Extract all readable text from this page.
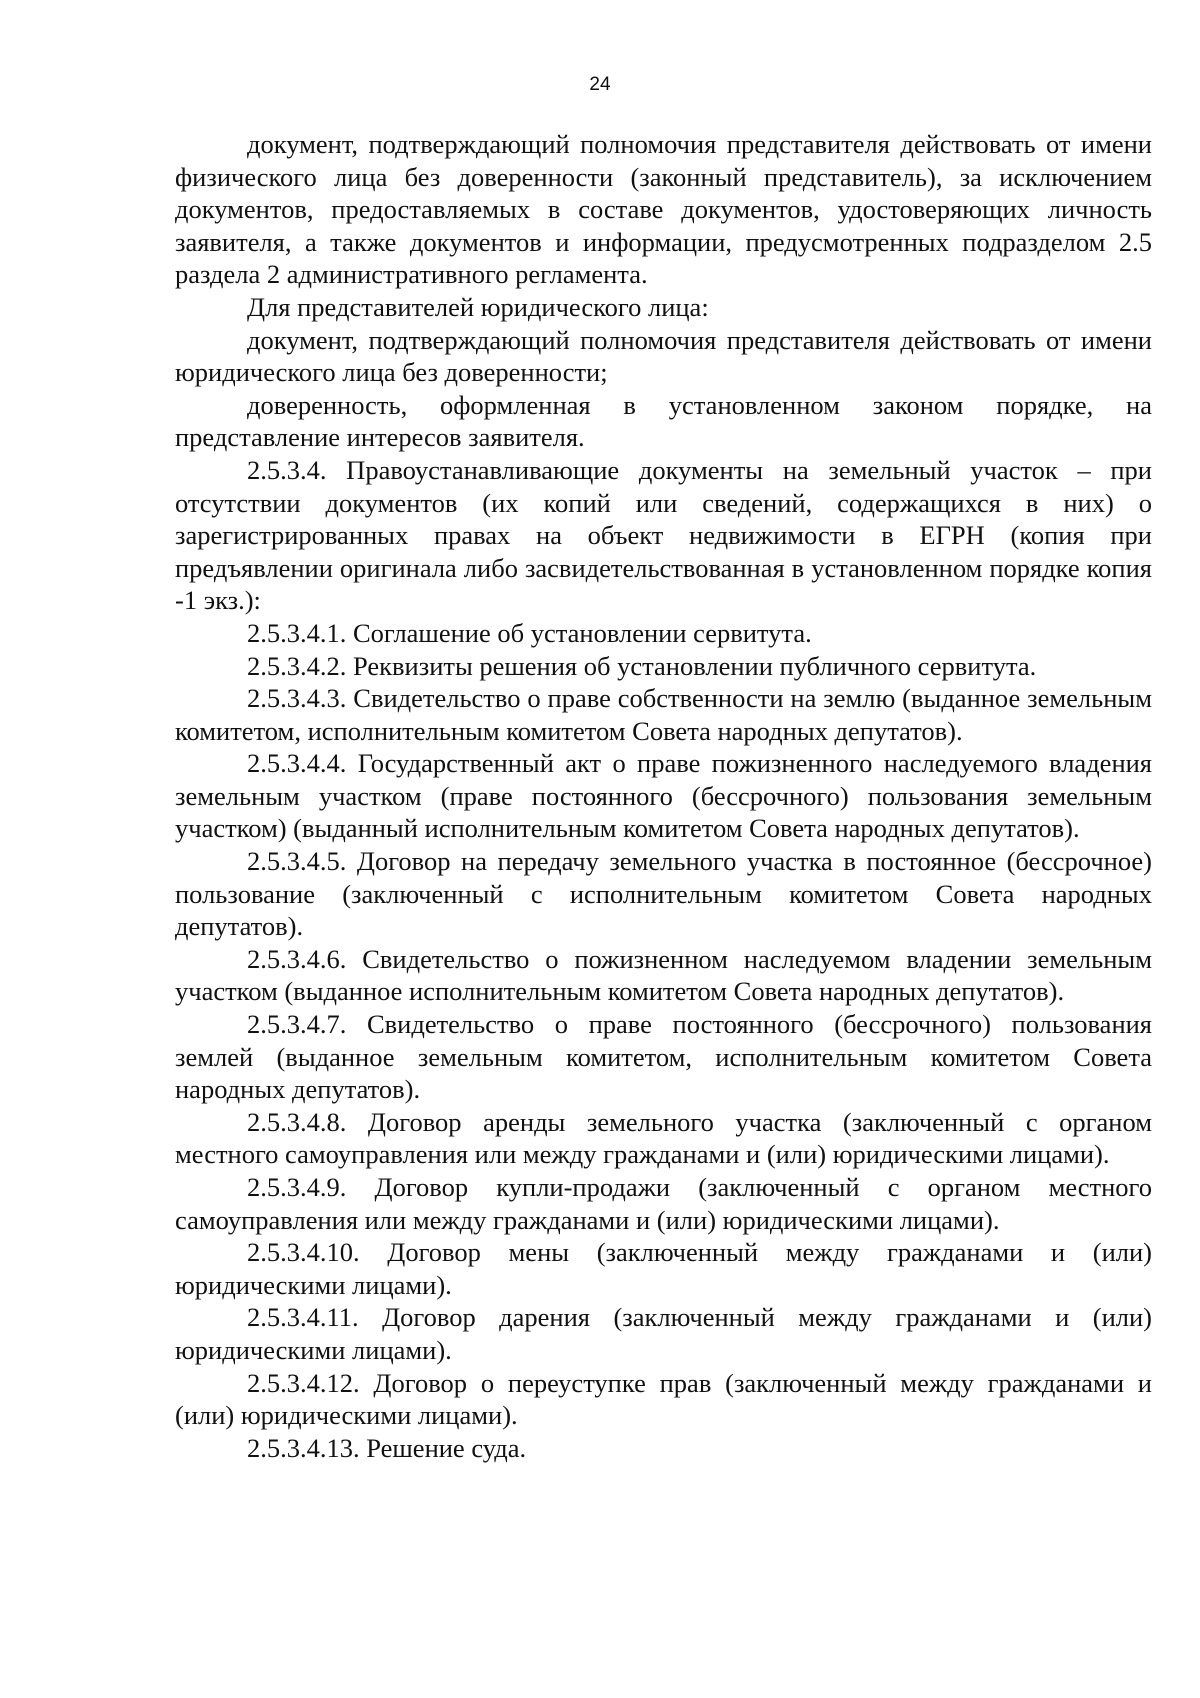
24

документ, подтверждающий полномочия представителя действовать от имени физического лица без доверенности (законный представитель), за исключением документов, предоставляемых в составе документов, удостоверяющих личность заявителя, а также документов и информации, предусмотренных подразделом 2.5 раздела 2 административного регламента.

Для представителей юридического лица:

документ, подтверждающий полномочия представителя действовать от имени юридического лица без доверенности;

доверенность, оформленная в установленном законом порядке, на представление интересов заявителя.

2.5.3.4. Правоустанавливающие документы на земельный участок – при отсутствии документов (их копий или сведений, содержащихся в них) о зарегистрированных правах на объект недвижимости в ЕГРН (копия при предъявлении оригинала либо засвидетельствованная в установленном порядке копия -1 экз.):

2.5.3.4.1. Соглашение об установлении сервитута.

2.5.3.4.2. Реквизиты решения об установлении публичного сервитута.

2.5.3.4.3. Свидетельство о праве собственности на землю (выданное земельным комитетом, исполнительным комитетом Совета народных депутатов).

2.5.3.4.4. Государственный акт о праве пожизненного наследуемого владения земельным участком (праве постоянного (бессрочного) пользования земельным участком) (выданный исполнительным комитетом Совета народных депутатов).

2.5.3.4.5. Договор на передачу земельного участка в постоянное (бессрочное) пользование (заключенный с исполнительным комитетом Совета народных депутатов).

2.5.3.4.6. Свидетельство о пожизненном наследуемом владении земельным участком (выданное исполнительным комитетом Совета народных депутатов).

2.5.3.4.7. Свидетельство о праве постоянного (бессрочного) пользования землей (выданное земельным комитетом, исполнительным комитетом Совета народных депутатов).

2.5.3.4.8. Договор аренды земельного участка (заключенный с органом местного самоуправления или между гражданами и (или) юридическими лицами).

2.5.3.4.9. Договор купли-продажи (заключенный с органом местного самоуправления или между гражданами и (или) юридическими лицами).

2.5.3.4.10. Договор мены (заключенный между гражданами и (или) юридическими лицами).

2.5.3.4.11. Договор дарения (заключенный между гражданами и (или) юридическими лицами).

2.5.3.4.12. Договор о переуступке прав (заключенный между гражданами и (или) юридическими лицами).

2.5.3.4.13. Решение суда.
